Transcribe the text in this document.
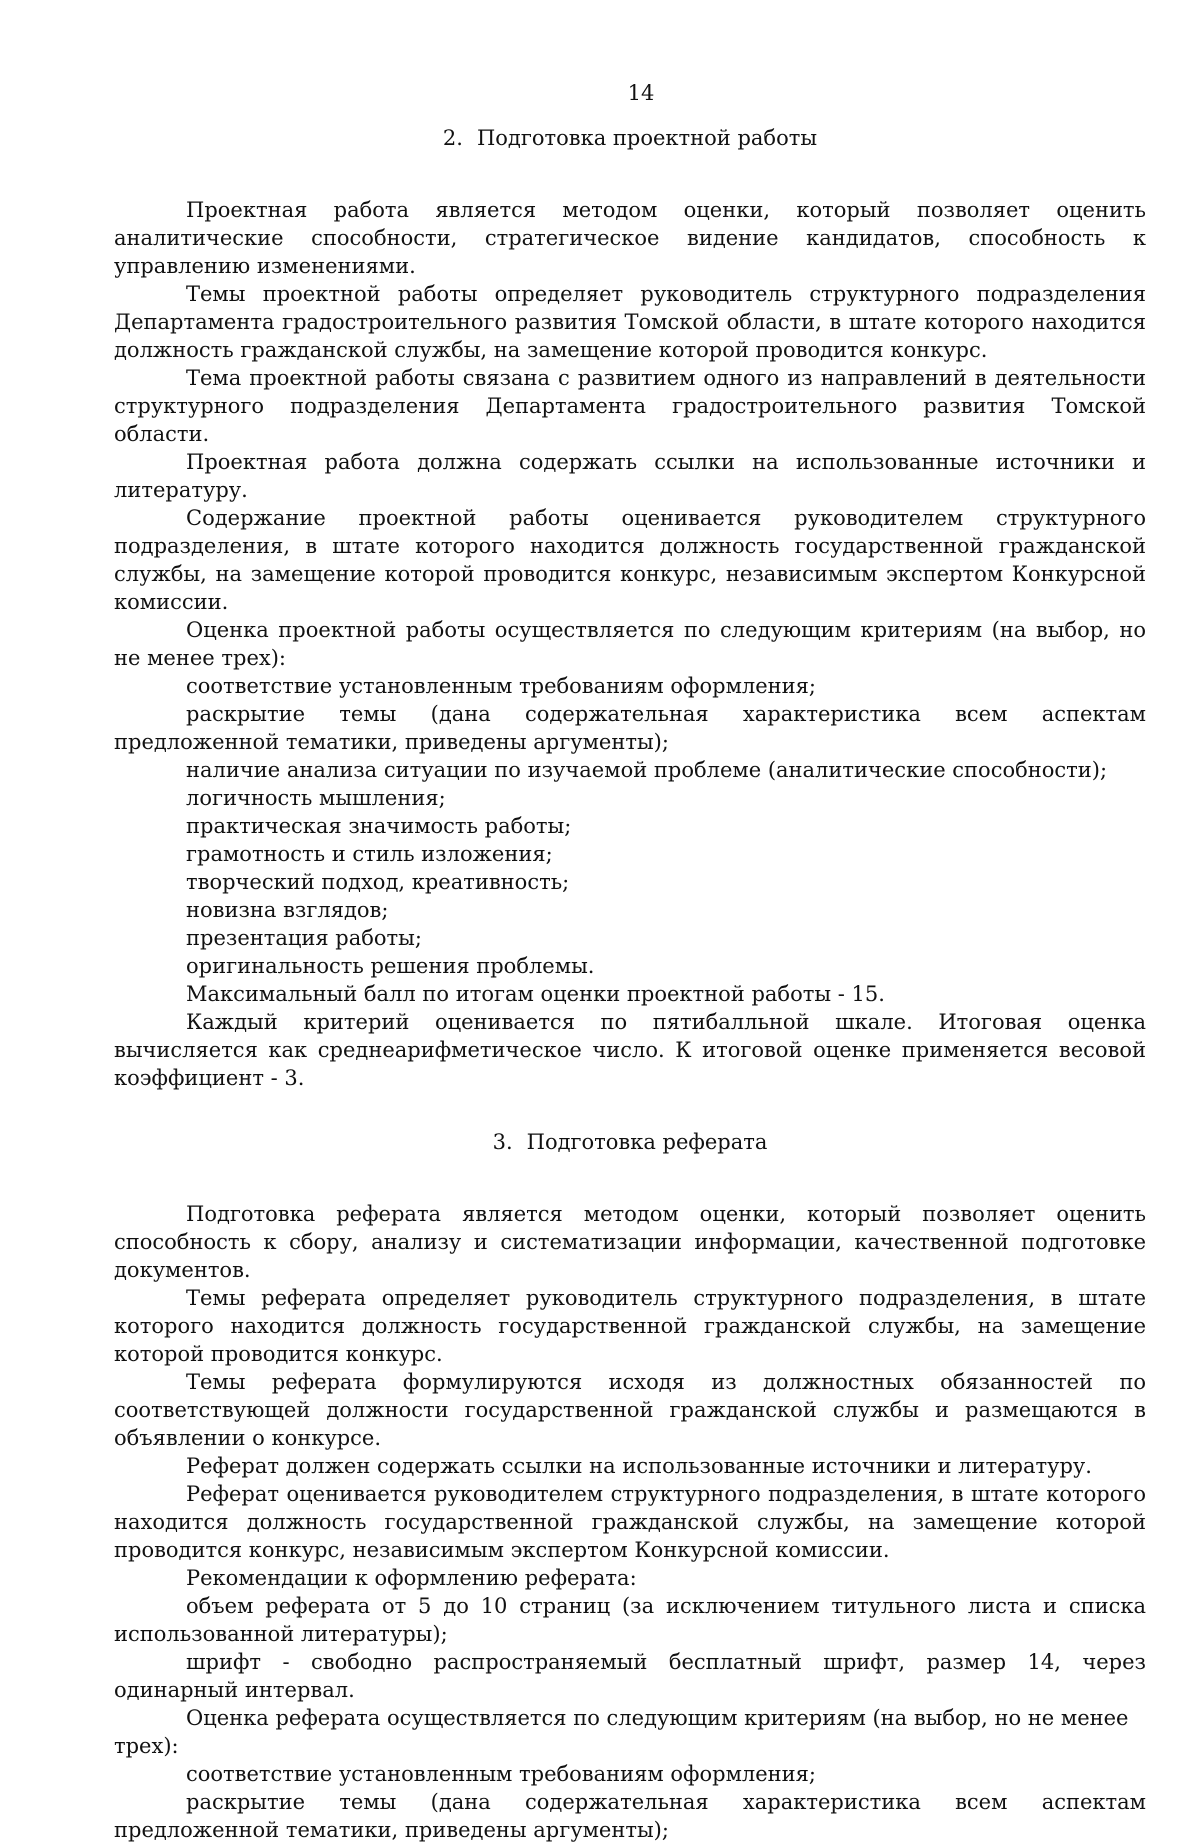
14
2. Подготовка проектной работы

Проектная работа является методом оценки, который позволяет оценить аналитические способности, стратегическое видение кандидатов, способность к управлению изменениями.

Темы проектной работы определяет руководитель структурного подразделения Департамента градостроительного развития Томской области, в штате которого находится должность гражданской службы, на замещение которой проводится конкурс.

Тема проектной работы связана с развитием одного из направлений в деятельности структурного подразделения Департамента градостроительного развития Томской области.

Проектная работа должна содержать ссылки на использованные источники и литературу.

Содержание проектной работы оценивается руководителем структурного подразделения, в штате которого находится должность государственной гражданской службы, на замещение которой проводится конкурс, независимым экспертом Конкурсной комиссии.

Оценка проектной работы осуществляется по следующим критериям (на выбор, но не менее трех):

соответствие установленным требованиям оформления;

раскрытие темы (дана содержательная характеристика всем аспектам предложенной тематики, приведены аргументы);

наличие анализа ситуации по изучаемой проблеме (аналитические способности);

логичность мышления;

практическая значимость работы;

грамотность и стиль изложения;

творческий подход, креативность;

новизна взглядов;

презентация работы;

оригинальность решения проблемы.

Максимальный балл по итогам оценки проектной работы - 15.

Каждый критерий оценивается по пятибалльной шкале. Итоговая оценка вычисляется как среднеарифметическое число. К итоговой оценке применяется весовой коэффициент - 3.

3. Подготовка реферата

Подготовка реферата является методом оценки, который позволяет оценить способность к сбору, анализу и систематизации информации, качественной подготовке документов.

Темы реферата определяет руководитель структурного подразделения, в штате которого находится должность государственной гражданской службы, на замещение которой проводится конкурс.

Темы реферата формулируются исходя из должностных обязанностей по соответствующей должности государственной гражданской службы и размещаются в объявлении о конкурсе.

Реферат должен содержать ссылки на использованные источники и литературу.

Реферат оценивается руководителем структурного подразделения, в штате которого находится должность государственной гражданской службы, на замещение которой проводится конкурс, независимым экспертом Конкурсной комиссии.

Рекомендации к оформлению реферата:

объем реферата от 5 до 10 страниц (за исключением титульного листа и списка использованной литературы);

шрифт - свободно распространяемый бесплатный шрифт, размер 14, через одинарный интервал.

Оценка реферата осуществляется по следующим критериям (на выбор, но не менее трех):

соответствие установленным требованиям оформления;

раскрытие темы (дана содержательная характеристика всем аспектам предложенной тематики, приведены аргументы);
